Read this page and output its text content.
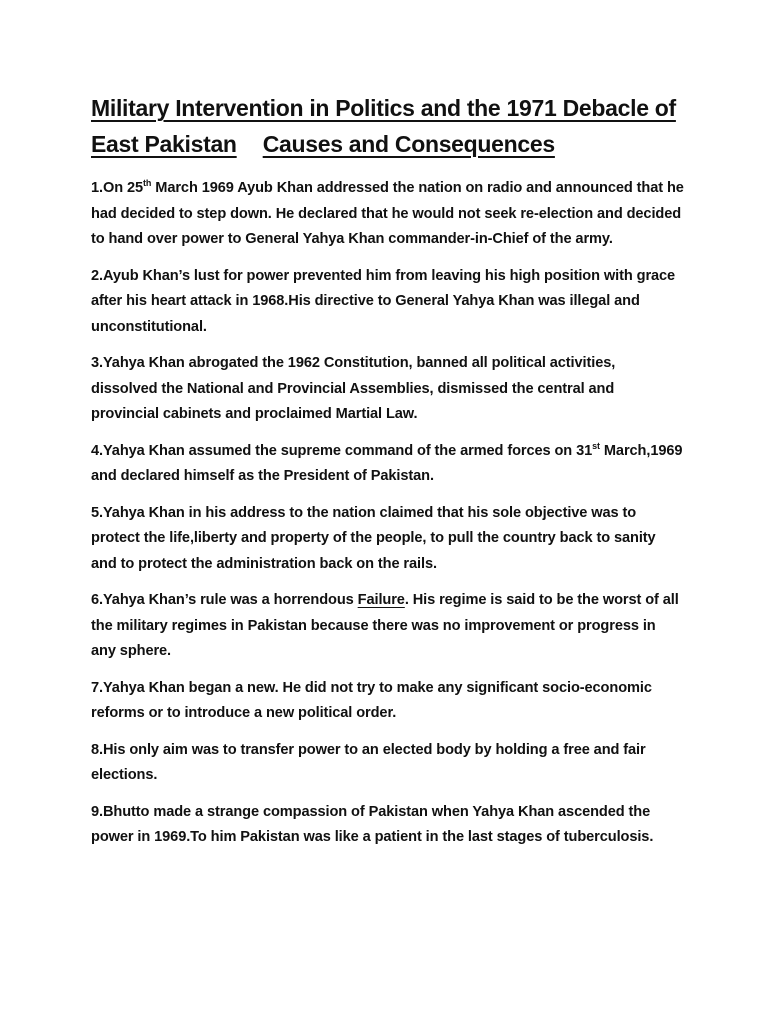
Military Intervention in Politics and the 1971 Debacle of
East Pakistan Causes and Consequences

1.On 25th March 1969 Ayub Khan addressed the nation on radio and announced that he had decided to step down. He declared that he would not seek re-election and decided to hand over power to General Yahya Khan commander-in-Chief of the army.

2.Ayub Khan’s lust for power prevented him from leaving his high position with grace after his heart attack in 1968.His directive to General Yahya Khan was illegal and unconstitutional.

3.Yahya Khan abrogated the 1962 Constitution, banned all political activities, dissolved the National and Provincial Assemblies, dismissed the central and provincial cabinets and proclaimed Martial Law.

4.Yahya Khan assumed the supreme command of the armed forces on 31st March,1969 and declared himself as the President of Pakistan.

5.Yahya Khan in his address to the nation claimed that his sole objective was to protect the life,liberty and property of the people, to pull the country back to sanity and to protect the administration back on the rails.

6.Yahya Khan’s rule was a horrendous Failure. His regime is said to be the worst of all the military regimes in Pakistan because there was no improvement or progress in any sphere.

7.Yahya Khan began a new. He did not try to make any significant socio-economic reforms or to introduce a new political order.

8.His only aim was to transfer power to an elected body by holding a free and fair elections.

9.Bhutto made a strange compassion of Pakistan when Yahya Khan ascended the power in 1969.To him Pakistan was like a patient in the last stages of tuberculosis.
